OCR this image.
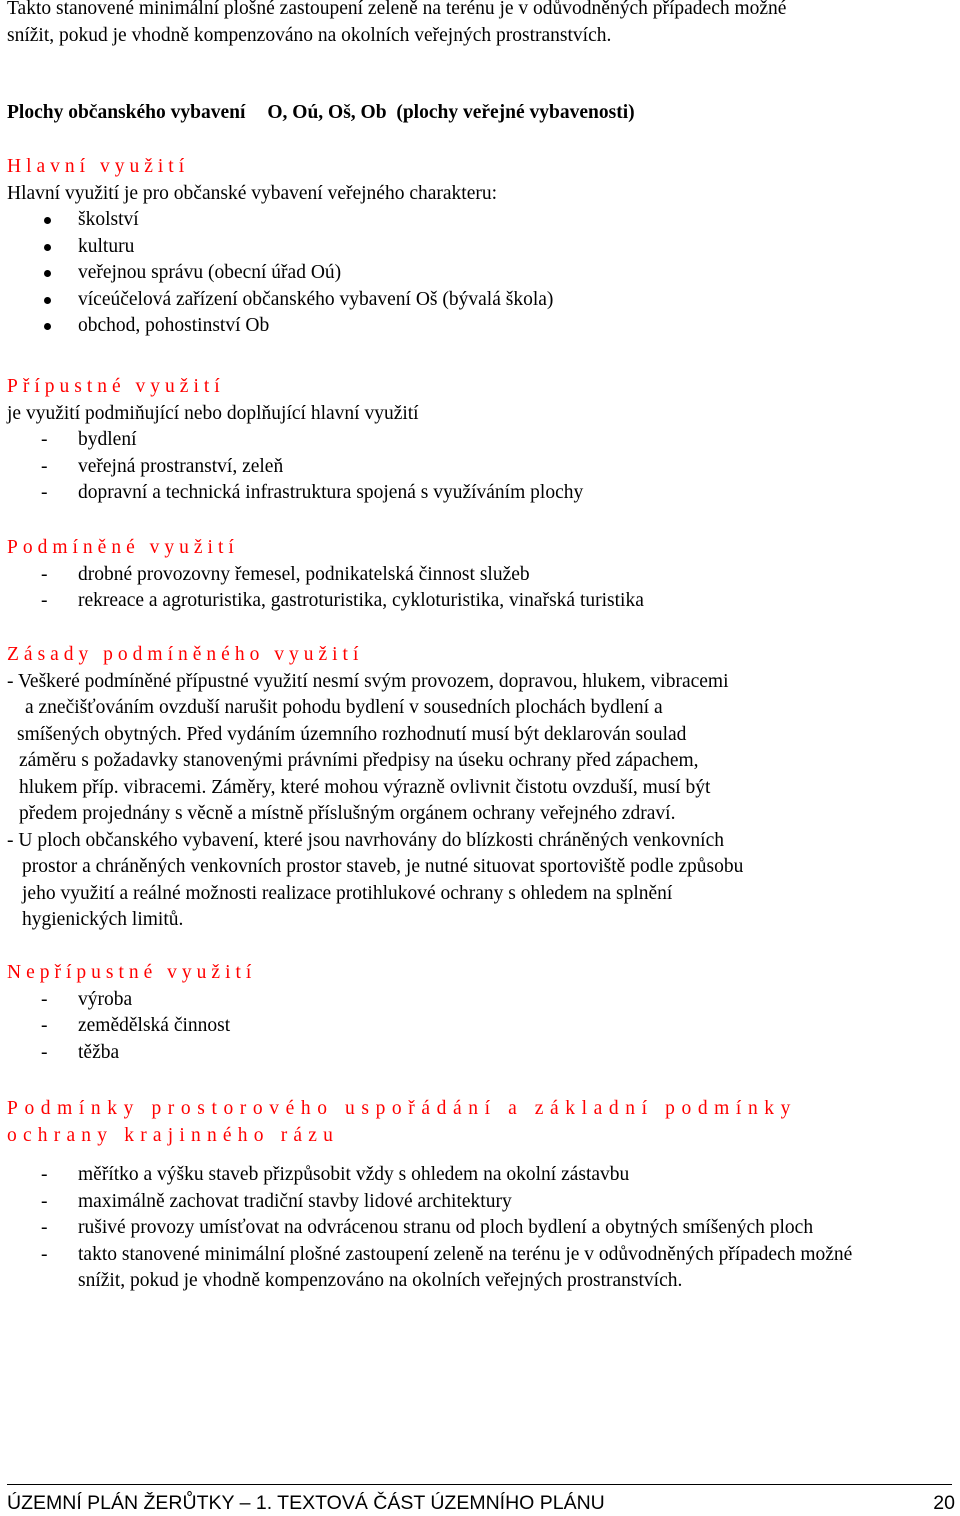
Takto stanovené minimální plošné zastoupení zeleně na terénu je v odůvodněných případech možné

snížit, pokud je vhodně kompenzováno na okolních veřejných prostranstvích.

Plochy občanského vybavení O, Oú, Oš, Ob  (plochy veřejné vybavenosti)

Hlavní využití

Hlavní využití je pro občanské vybavení veřejného charakteru:

školství
kulturu
veřejnou správu (obecní úřad Oú)
víceúčelová zařízení občanského vybavení Oš (bývalá škola)
obchod, pohostinství Ob

Přípustné využití

je využití podmiňující nebo doplňující hlavní využití

- bydlení
- veřejná prostranství, zeleň
- dopravní a technická infrastruktura spojená s využíváním plochy

Podmíněné využití

- drobné provozovny řemesel, podnikatelská činnost služeb
- rekreace a agroturistika, gastroturistika, cykloturistika, vinařská turistika

Zásady podmíněného využití

- Veškeré podmíněné přípustné využití nesmí svým provozem, dopravou, hlukem, vibracemi

a znečišťováním ovzduší narušit pohodu bydlení v sousedních plochách bydlení a

smíšených obytných. Před vydáním územního rozhodnutí musí být deklarován soulad

záměru s požadavky stanovenými právními předpisy na úseku ochrany před zápachem,

hlukem příp. vibracemi. Záměry, které mohou výrazně ovlivnit čistotu ovzduší, musí být

předem projednány s věcně a místně příslušným orgánem ochrany veřejného zdraví.

- U ploch občanského vybavení, které jsou navrhovány do blízkosti chráněných venkovních

prostor a chráněných venkovních prostor staveb, je nutné situovat sportoviště podle způsobu

jeho využití a reálné možnosti realizace protihlukové ochrany s ohledem na splnění

hygienických limitů.

Nepřípustné využití

- výroba
- zemědělská činnost
- těžba

Podmínky prostorového uspořádání a základní podmínky

ochrany krajinného rázu

- měřítko a výšku staveb přizpůsobit vždy s ohledem na okolní zástavbu
- maximálně zachovat tradiční stavby lidové architektury
- rušivé provozy umísťovat na odvrácenou stranu od ploch bydlení a obytných smíšených ploch
- takto stanovené minimální plošné zastoupení zeleně na terénu je v odůvodněných případech možné snížit, pokud je vhodně kompenzováno na okolních veřejných prostranstvích.
ÚZEMNÍ PLÁN ŽERŮTKY – 1. TEXTOVÁ ČÁST ÚZEMNÍHO PLÁNU	20
